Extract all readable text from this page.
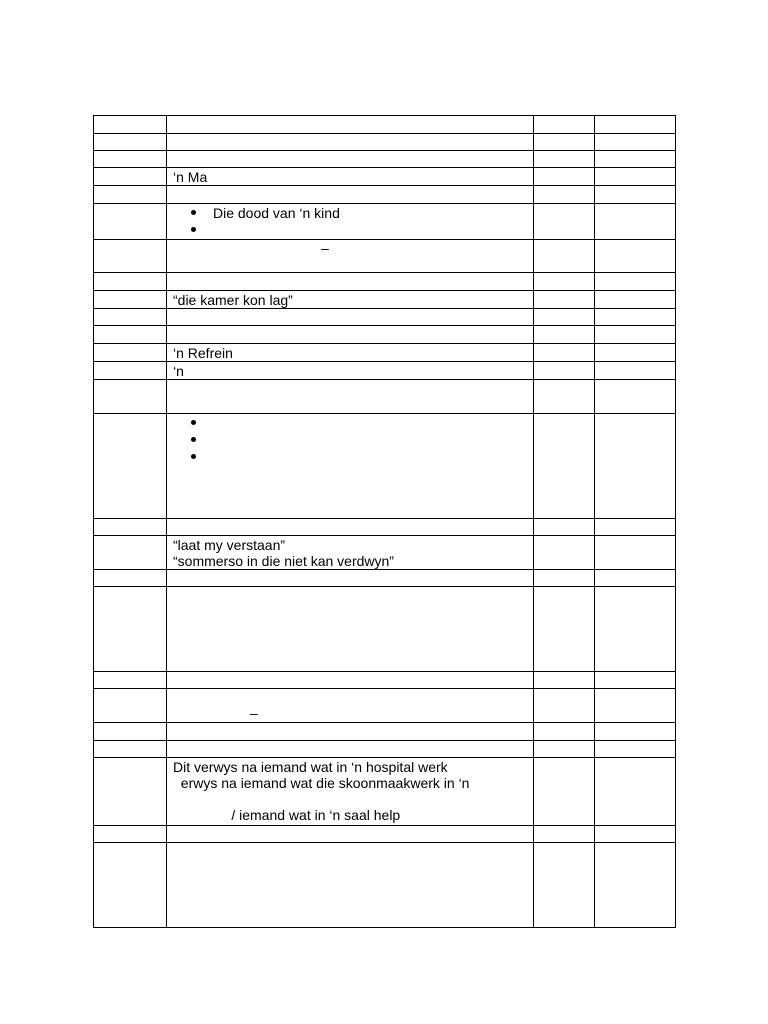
	‘n Ma		

	Die dood van ‘n kind		

	–		

	“die kamer kon lag”		

	‘n Refrein		

	‘n		

	“laat my verstaan”
“sommerso in die niet kan verdwyn”		

	–		

	Dit verwys na iemand wat in ‘n hospital werk
erwys na iemand wat die skoonmaakwerk in ‘n
/ iemand wat in ‘n saal help		
